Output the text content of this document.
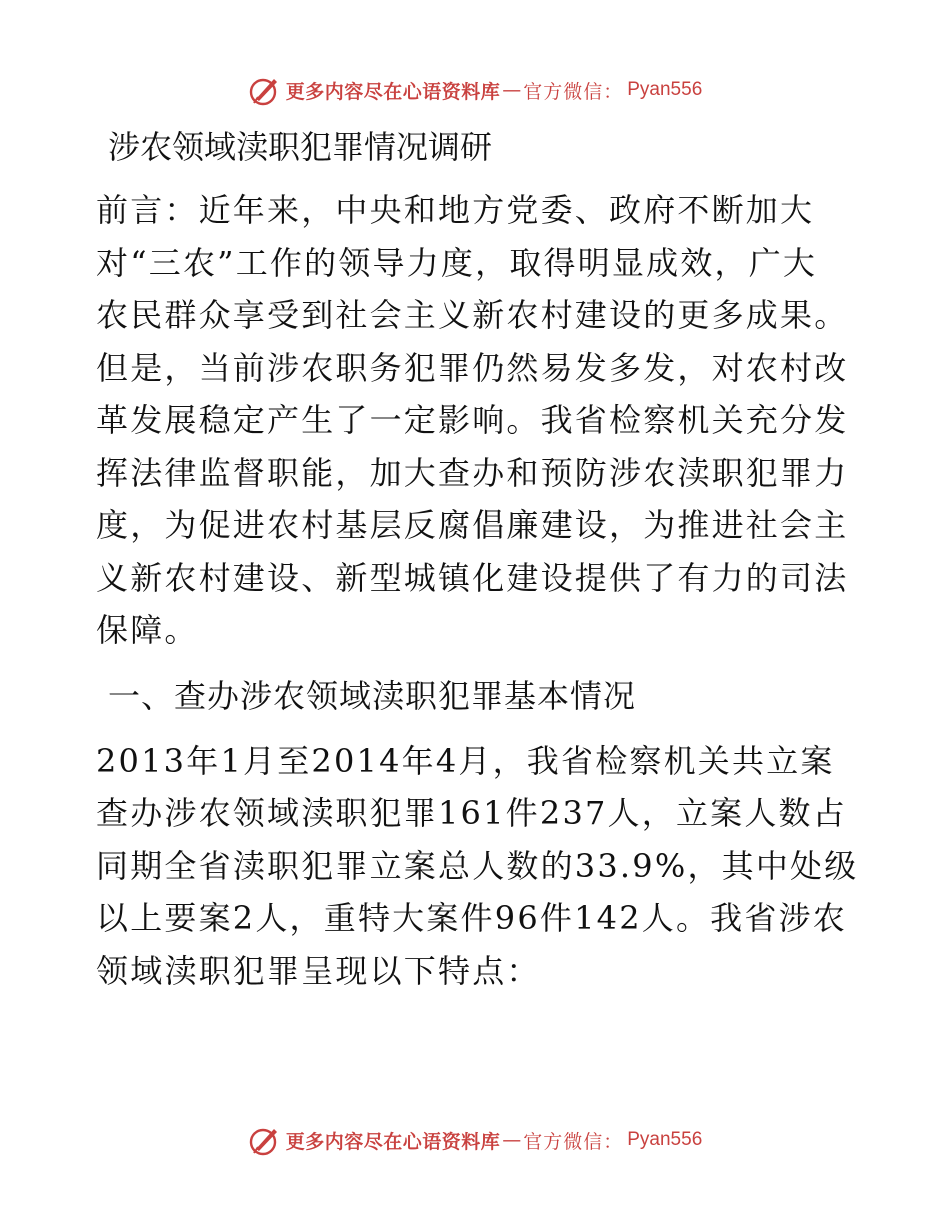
更多内容尽在心语资料库 — 官方微信： Pyan556
涉农领域渎职犯罪情况调研
前言：近年来，中央和地方党委、政府不断加大
对“三农”工作的领导力度，取得明显成效，广大
农民群众享受到社会主义新农村建设的更多成果。
但是，当前涉农职务犯罪仍然易发多发，对农村改
革发展稳定产生了一定影响。我省检察机关充分发
挥法律监督职能，加大查办和预防涉农渎职犯罪力
度，为促进农村基层反腐倡廉建设，为推进社会主
义新农村建设、新型城镇化建设提供了有力的司法
保障。
一、查办涉农领域渎职犯罪基本情况
2013年1月至2014年4月，我省检察机关共立案
查办涉农领域渎职犯罪161件237人，立案人数占
同期全省渎职犯罪立案总人数的33.9%，其中处级
以上要案2人，重特大案件96件142人。我省涉农
领域渎职犯罪呈现以下特点：
更多内容尽在心语资料库 — 官方微信： Pyan556
